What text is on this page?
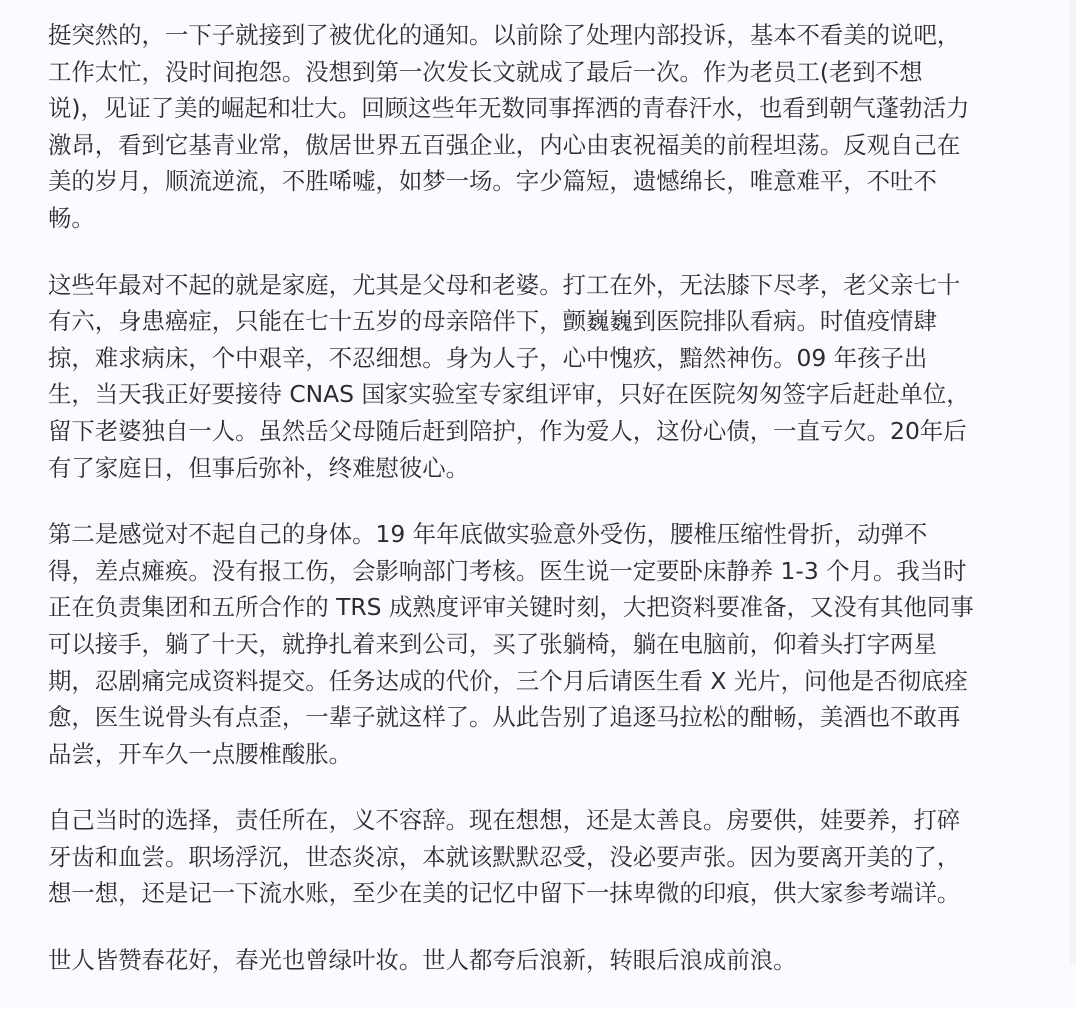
挺突然的，一下子就接到了被优化的通知。以前除了处理内部投诉，基本不看美的说吧，
工作太忙，没时间抱怨。没想到第一次发长文就成了最后一次。作为老员工(老到不想
说)，见证了美的崛起和壮大。回顾这些年无数同事挥洒的青春汗水，也看到朝气蓬勃活力
激昂，看到它基青业常，傲居世界五百强企业，内心由衷祝福美的前程坦荡。反观自己在
美的岁月，顺流逆流，不胜唏嘘，如梦一场。字少篇短，遗憾绵长，唯意难平，不吐不
畅。

这些年最对不起的就是家庭，尤其是父母和老婆。打工在外，无法膝下尽孝，老父亲七十
有六，身患癌症，只能在七十五岁的母亲陪伴下，颤巍巍到医院排队看病。时值疫情肆
掠，难求病床，个中艰辛，不忍细想。身为人子，心中愧疚，黯然神伤。09 年孩子出
生，当天我正好要接待 CNAS 国家实验室专家组评审，只好在医院匆匆签字后赶赴单位，
留下老婆独自一人。虽然岳父母随后赶到陪护，作为爱人，这份心债，一直亏欠。20年后
有了家庭日，但事后弥补，终难慰彼心。

第二是感觉对不起自己的身体。19 年年底做实验意外受伤，腰椎压缩性骨折，动弹不
得，差点瘫痪。没有报工伤，会影响部门考核。医生说一定要卧床静养 1-3 个月。我当时
正在负责集团和五所合作的 TRS 成熟度评审关键时刻，大把资料要准备，又没有其他同事
可以接手，躺了十天，就挣扎着来到公司，买了张躺椅，躺在电脑前，仰着头打字两星
期，忍剧痛完成资料提交。任务达成的代价，三个月后请医生看 X 光片，问他是否彻底痊
愈，医生说骨头有点歪，一辈子就这样了。从此告别了追逐马拉松的酣畅，美酒也不敢再
品尝，开车久一点腰椎酸胀。

自己当时的选择，责任所在，义不容辞。现在想想，还是太善良。房要供，娃要养，打碎
牙齿和血尝。职场浮沉，世态炎凉，本就该默默忍受，没必要声张。因为要离开美的了，
想一想，还是记一下流水账，至少在美的记忆中留下一抹卑微的印痕，供大家参考端详。

世人皆赞春花好，春光也曾绿叶妆。世人都夸后浪新，转眼后浪成前浪。
